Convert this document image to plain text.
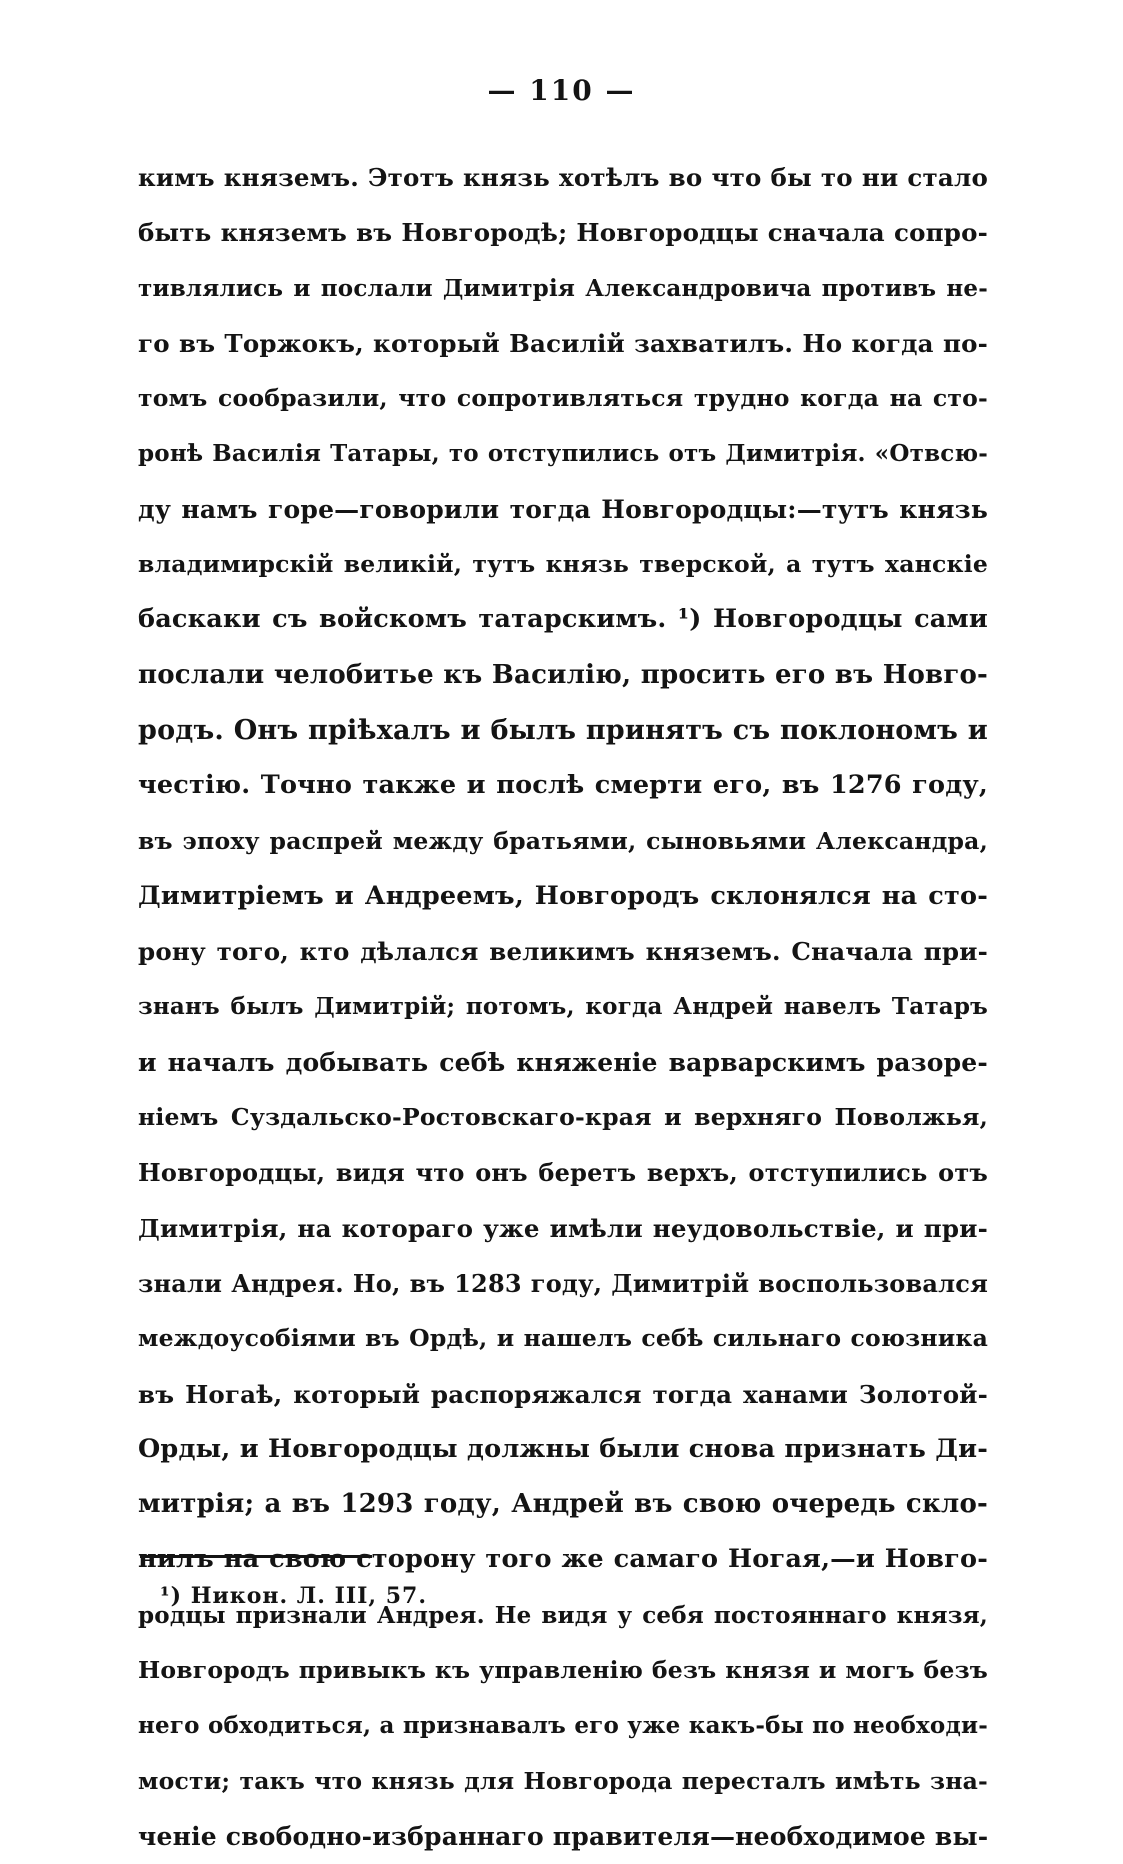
— 110 —
кимъ княземъ. Этотъ князь хотѣлъ во что бы то ни стало
быть княземъ въ Новгородѣ; Новгородцы сначала сопро-
тивлялись и послали Димитрія Александровича противъ не-
го въ Торжокъ, который Василій захватилъ. Но когда по-
томъ сообразили, что сопротивляться трудно когда на сто-
ронѣ Василія Татары, то отступились отъ Димитрія. «Отвсю-
ду намъ горе—говорили тогда Новгородцы:—тутъ князь
владимирскій великій, тутъ князь тверской, а тутъ ханскіе
баскаки съ войскомъ татарскимъ. ¹) Новгородцы сами
послали челобитье къ Василію, просить его въ Новго-
родъ. Онъ пріѣхалъ и былъ принятъ съ поклономъ и
честію. Точно также и послѣ смерти его, въ 1276 году,
въ эпоху распрей между братьями, сыновьями Александра,
Димитріемъ и Андреемъ, Новгородъ склонялся на сто-
рону того, кто дѣлался великимъ княземъ. Сначала при-
знанъ былъ Димитрій; потомъ, когда Андрей навелъ Татаръ
и началъ добывать себѣ княженіе варварскимъ разоре-
ніемъ Суздальско-Ростовскаго-края и верхняго Поволжья,
Новгородцы, видя что онъ беретъ верхъ, отступились отъ
Димитрія, на котораго уже имѣли неудовольствіе, и при-
знали Андрея. Но, въ 1283 году, Димитрій воспользовался
междоусобіями въ Ордѣ, и нашелъ себѣ сильнаго союзника
въ Ногаѣ, который распоряжался тогда ханами Золотой-
Орды, и Новгородцы должны были снова признать Ди-
митрія; а въ 1293 году, Андрей въ свою очередь скло-
нилъ на свою сторону того же самаго Ногая,—и Новго-
родцы признали Андрея. Не видя у себя постояннаго князя,
Новгородъ привыкъ къ управленію безъ князя и могъ безъ
него обходиться, а признавалъ его уже какъ-бы по необходи-
мости; такъ что князь для Новгорода пересталъ имѣть зна-
ченіе свободно-избраннаго правителя—необходимое вы-
¹) Никон. Л. III, 57.
